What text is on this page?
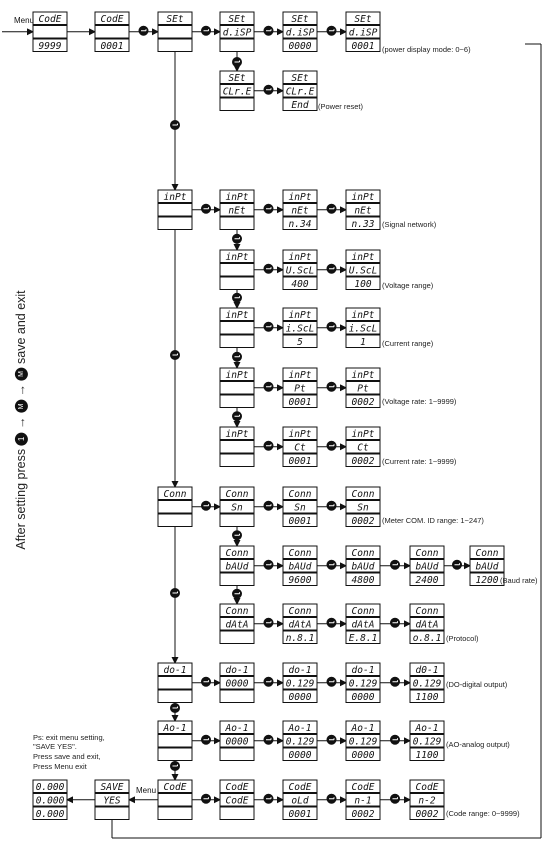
CodE
9999
CodE
0001
SEt	SEt
d.iSP
SEt
d.iSP
0000
SEt
d.iSP
0001
SEt
CLr.E
SEt
CLr.E
End
inPt	inPt
nEt
inPt
nEt
n.34
inPt
nEt
n.33
inPt	inPt
U.ScL
400
inPt
U.ScL
100
inPt	inPt
i.ScL
5
inPt
i.ScL
1
inPt	inPt
Pt
0001
inPt
Pt
0002
inPt	inPt
Ct
0001
inPt
Ct
0002
Conn	Conn
Sn
Conn
Sn
0001
Conn
Sn
0002
Conn
bAUd
Conn
bAUd
9600
Conn
bAUd
4800
Conn
bAUd
2400
Conn
bAUd
1200
Conn
dAtA
Conn
dAtA
n.8.1
Conn
dAtA
E.8.1
Conn
dAtA
o.8.1
do-1	do-1
0000
do-1
0.129
0000
do-1
0.129
0000
d0-1
0.129
1100
Ao-1	Ao-1
0000
Ao-1
0.129
0000
Ao-1
0.129
0000
Ao-1
0.129
1100
CodE	CodE
CodE
CodE
oLd
0001
CodE
n-1
0002
CodE
n-2
0002
SAVE
YES
0.000
0.000
0.000
Menu
(power display mode: 0~6)
(Power reset)
(Signal network)
(Voltage range)
(Current range)
(Voltage rate: 1~9999)
(Current rate: 1~9999)
(Meter COM. ID range: 1~247)
(Baud rate)
(Protocol)
(DO-digital output)
(AO-analog output)
(Code range: 0~9999)
Menu
After setting press 1 → M → M save and exit
Ps: exit menu setting,
"SAVE YES".
Press save and exit,
Press Menu exit
